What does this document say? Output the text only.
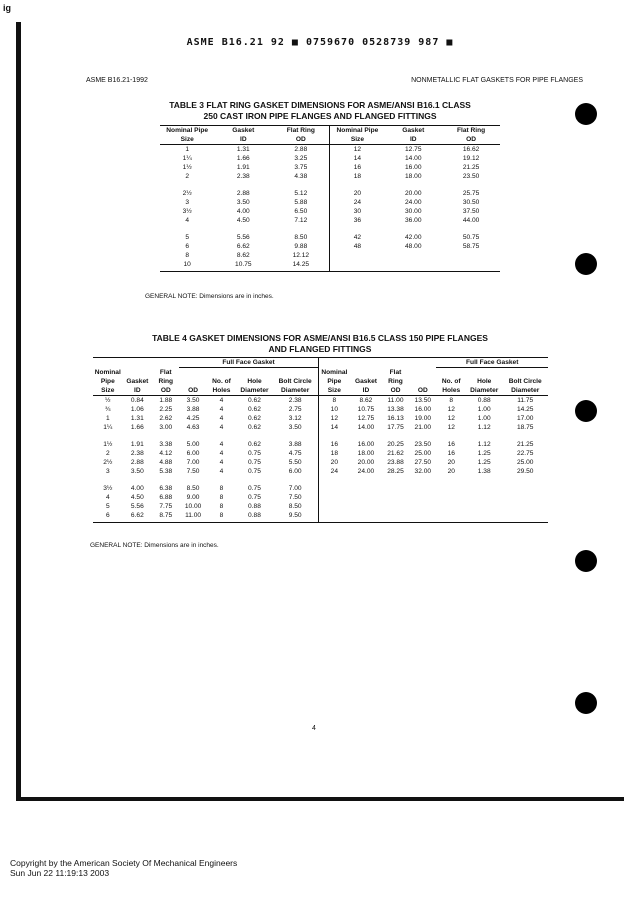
ig
ASME B16.21 92 ■ 0759670 0528739 987 ■
ASME B16.21-1992	NONMETALLIC FLAT GASKETS FOR PIPE FLANGES
TABLE 3 FLAT RING GASKET DIMENSIONS FOR ASME/ANSI B16.1 CLASS
250 CAST IRON PIPE FLANGES AND FLANGED FITTINGS
Nominal Pipe	Gasket	Flat Ring	Nominal Pipe	Gasket	Flat Ring
Size	ID	OD	Size	ID	OD
1	1.31	2.88	12	12.75	16.62
1¼	1.66	3.25	14	14.00	19.12
1½	1.91	3.75	16	16.00	21.25
2	2.38	4.38	18	18.00	23.50
2½	2.88	5.12	20	20.00	25.75
3	3.50	5.88	24	24.00	30.50
3½	4.00	6.50	30	30.00	37.50
4	4.50	7.12	36	36.00	44.00
5	5.56	8.50	42	42.00	50.75
6	6.62	9.88	48	48.00	58.75
8	8.62	12.12			
10	10.75	14.25			
GENERAL NOTE: Dimensions are in inches.
TABLE 4 GASKET DIMENSIONS FOR ASME/ANSI B16.5 CLASS 150 PIPE FLANGES
AND FLANGED FITTINGS
			Full Face Gasket								Full Face Gasket		
Nominal		Flat					Nominal		Flat				
Pipe	Gasket	Ring		No. of	Hole	Bolt Circle	Pipe	Gasket	Ring		No. of	Hole	Bolt Circle
Size	ID	OD	OD	Holes	Diameter	Diameter	Size	ID	OD	OD	Holes	Diameter	Diameter
½	0.84	1.88	3.50	4	0.62	2.38	8	8.62	11.00	13.50	8	0.88	11.75
¾	1.06	2.25	3.88	4	0.62	2.75	10	10.75	13.38	16.00	12	1.00	14.25
1	1.31	2.62	4.25	4	0.62	3.12	12	12.75	16.13	19.00	12	1.00	17.00
1¼	1.66	3.00	4.63	4	0.62	3.50	14	14.00	17.75	21.00	12	1.12	18.75
1½	1.91	3.38	5.00	4	0.62	3.88	16	16.00	20.25	23.50	16	1.12	21.25
2	2.38	4.12	6.00	4	0.75	4.75	18	18.00	21.62	25.00	16	1.25	22.75
2½	2.88	4.88	7.00	4	0.75	5.50	20	20.00	23.88	27.50	20	1.25	25.00
3	3.50	5.38	7.50	4	0.75	6.00	24	24.00	28.25	32.00	20	1.38	29.50
3½	4.00	6.38	8.50	8	0.75	7.00							
4	4.50	6.88	9.00	8	0.75	7.50							
5	5.56	7.75	10.00	8	0.88	8.50							
6	6.62	8.75	11.00	8	0.88	9.50							
GENERAL NOTE: Dimensions are in inches.
4
Copyright by the American Society Of Mechanical Engineers
Sun Jun 22 11:19:13 2003
